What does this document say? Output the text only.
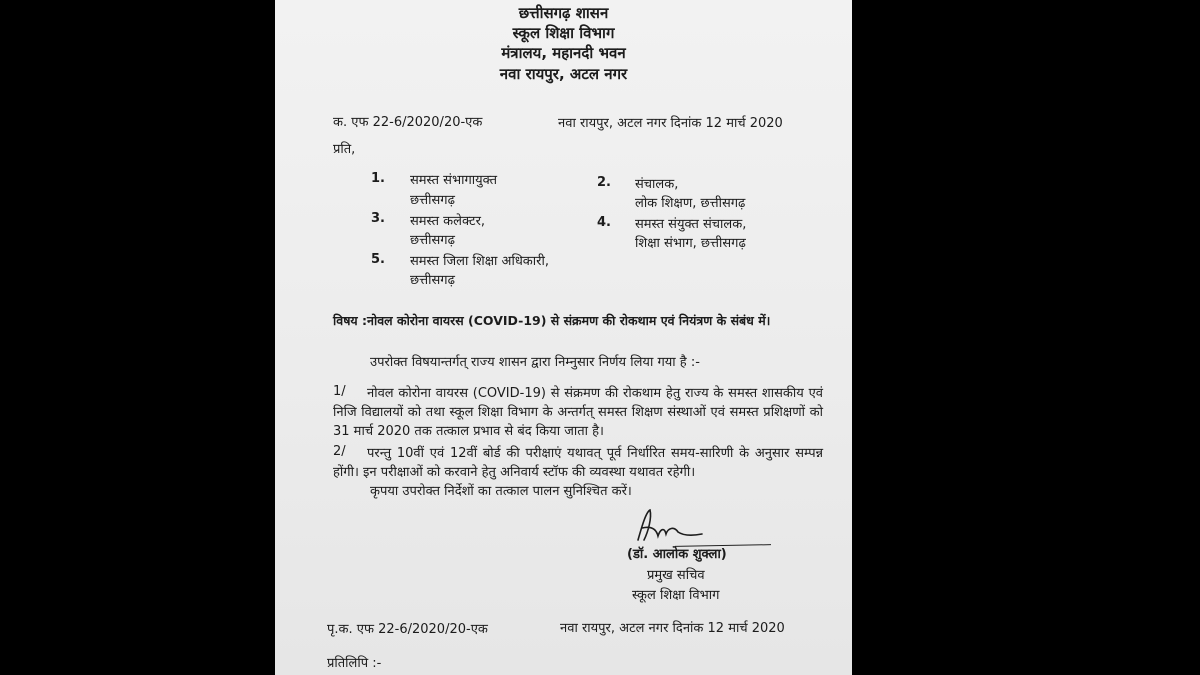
छत्तीसगढ़ शासन
स्कूल शिक्षा विभाग
मंत्रालय, महानदी भवन
नवा रायपुर, अटल नगर
क. एफ 22-6/2020/20-एक	नवा रायपुर, अटल नगर दिनांक 12 मार्च 2020
प्रति,
1. समस्त संभागायुक्त
छत्तीसगढ़
2. संचालक,
लोक शिक्षण, छत्तीसगढ़
3. समस्त कलेक्टर,
छत्तीसगढ़
4. समस्त संयुक्त संचालक,
शिक्षा संभाग, छत्तीसगढ़
5. समस्त जिला शिक्षा अधिकारी,
छत्तीसगढ़
विषय :नोवल कोरोना वायरस (COVID-19) से संक्रमण की रोकथाम एवं नियंत्रण के संबंध में।
उपरोक्त विषयान्तर्गत् राज्य शासन द्वारा निम्नुसार निर्णय लिया गया है :-
1/	नोवल कोरोना वायरस (COVID-19) से संक्रमण की रोकथाम हेतु राज्य के समस्त शासकीय एवं निजि विद्यालयों को तथा स्कूल शिक्षा विभाग के अन्तर्गत् समस्त शिक्षण संस्थाओं एवं समस्त प्रशिक्षणों को 31 मार्च 2020 तक तत्काल प्रभाव से बंद किया जाता है।
2/	परन्तु 10वीं एवं 12वीं बोर्ड की परीक्षाएं यथावत् पूर्व निर्धारित समय-सारिणी के अनुसार सम्पन्न होंगी। इन परीक्षाओं को करवाने हेतु अनिवार्य स्टॉफ की व्यवस्था यथावत रहेगी।
कृपया उपरोक्त निर्देशों का तत्काल पालन सुनिश्चित करें।
(डॉ. आलोक शुक्ला)
प्रमुख सचिव
स्कूल शिक्षा विभाग
पृ.क. एफ 22-6/2020/20-एक	नवा रायपुर, अटल नगर दिनांक 12 मार्च 2020
प्रतिलिपि :-
